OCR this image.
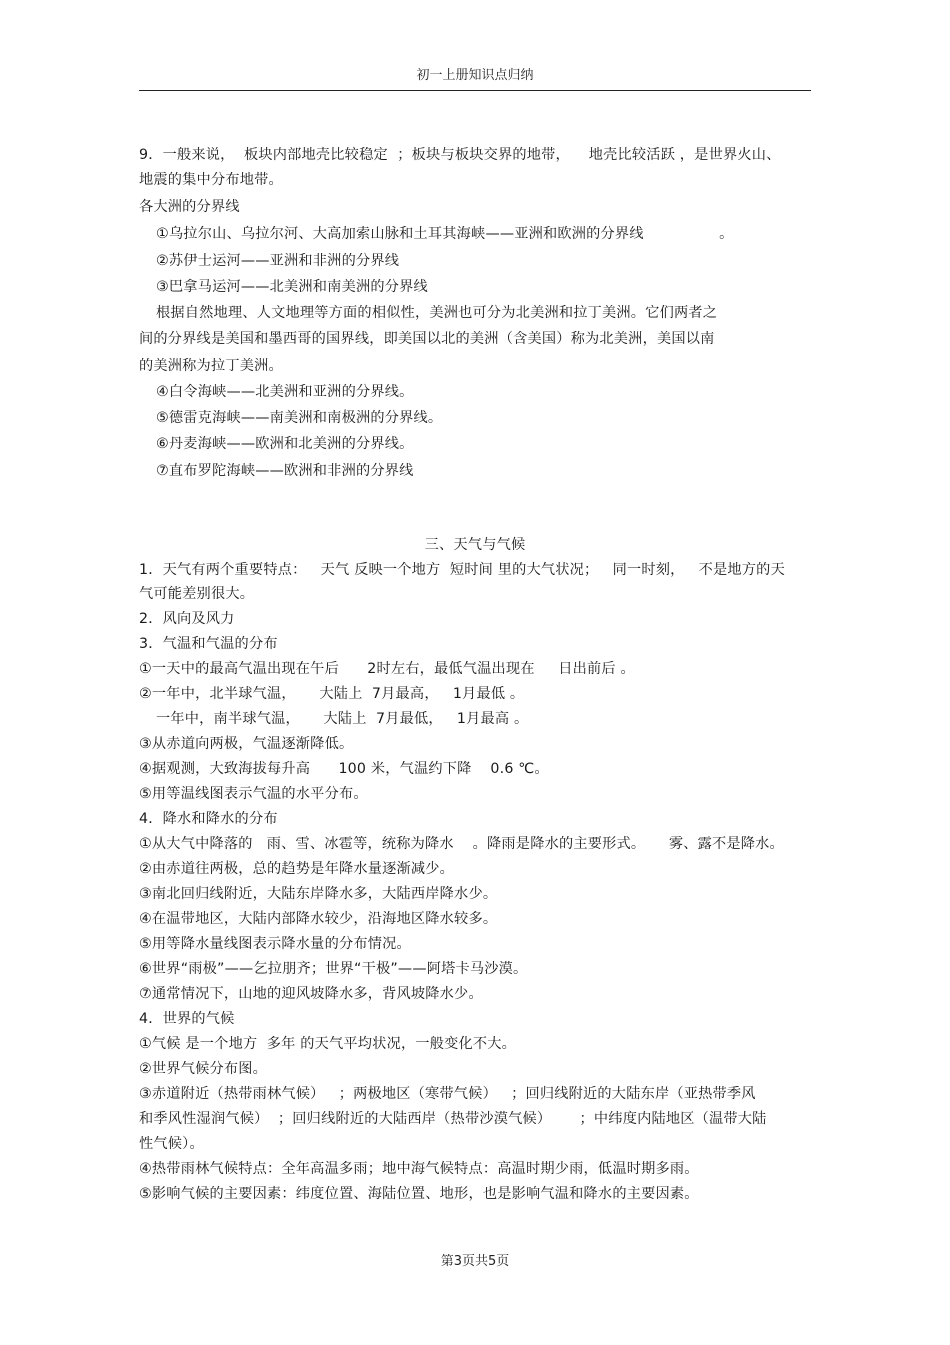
初一上册知识点归纳
9．一般来说，  板块内部地壳比较稳定  ；板块与板块交界的地带，    地壳比较活跃 ，是世界火山、
地震的集中分布地带。
各大洲的分界线
①乌拉尔山、乌拉尔河、大高加索山脉和土耳其海峡——亚洲和欧洲的分界线                。
②苏伊士运河——亚洲和非洲的分界线
③巴拿马运河——北美洲和南美洲的分界线
根据自然地理、人文地理等方面的相似性，美洲也可分为北美洲和拉丁美洲。它们两者之
间的分界线是美国和墨西哥的国界线，即美国以北的美洲（含美国）称为北美洲，美国以南
的美洲称为拉丁美洲。
④白令海峡——北美洲和亚洲的分界线。
⑤德雷克海峡——南美洲和南极洲的分界线。
⑥丹麦海峡——欧洲和北美洲的分界线。
⑦直布罗陀海峡——欧洲和非洲的分界线
三、天气与气候
1．天气有两个重要特点：   天气 反映一个地方  短时间 里的大气状况；   同一时刻，   不是地方的天
气可能差别很大。
2．风向及风力
3．气温和气温的分布
①一天中的最高气温出现在午后      2时左右，最低气温出现在     日出前后 。
②一年中，北半球气温，     大陆上  7月最高，   1月最低 。
一年中，南半球气温，     大陆上  7月最低，   1月最高 。
③从赤道向两极，气温逐渐降低。
④据观测，大致海拔每升高      100 米，气温约下降    0.6 ℃。
⑤用等温线图表示气温的水平分布。
4．降水和降水的分布
①从大气中降落的   雨、雪、冰雹等，统称为降水    。降雨是降水的主要形式。     雾、露不是降水。
②由赤道往两极，总的趋势是年降水量逐渐减少。
③南北回归线附近，大陆东岸降水多，大陆西岸降水少。
④在温带地区，大陆内部降水较少，沿海地区降水较多。
⑤用等降水量线图表示降水量的分布情况。
⑥世界“雨极”——乞拉朋齐；世界“干极”——阿塔卡马沙漠。
⑦通常情况下，山地的迎风坡降水多，背风坡降水少。
4．世界的气候
①气候 是一个地方  多年 的天气平均状况，一般变化不大。
②世界气候分布图。
③赤道附近（热带雨林气候）   ；两极地区（寒带气候）   ；回归线附近的大陆东岸（亚热带季风
和季风性湿润气候）  ；回归线附近的大陆西岸（热带沙漠气候）      ；中纬度内陆地区（温带大陆
性气候）。
④热带雨林气候特点：全年高温多雨；地中海气候特点：高温时期少雨，低温时期多雨。
⑤影响气候的主要因素：纬度位置、海陆位置、地形，也是影响气温和降水的主要因素。
第3页共5页
